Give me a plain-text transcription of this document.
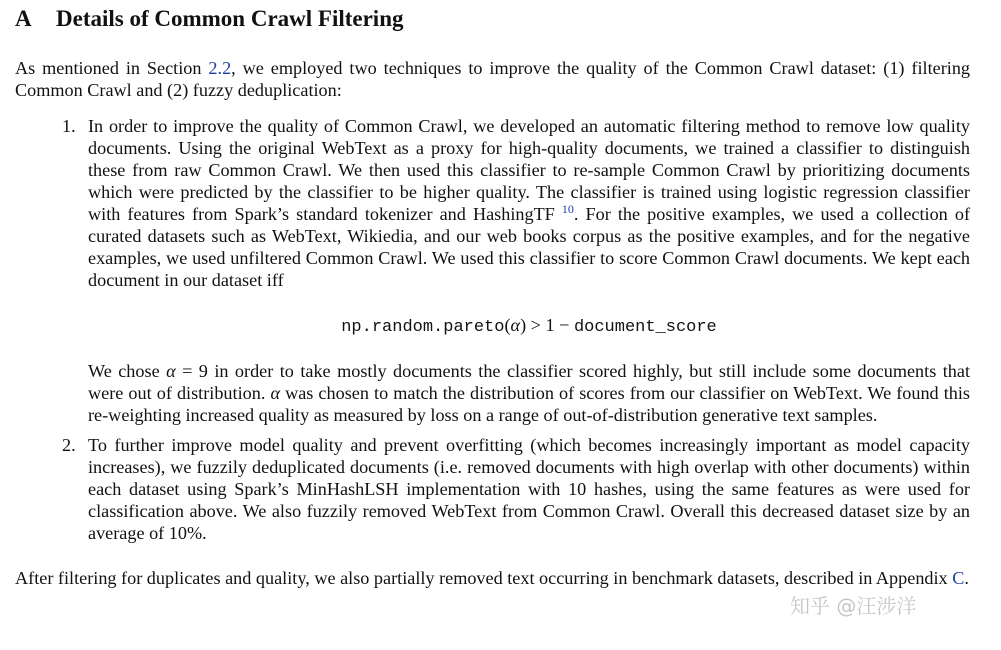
A Details of Common Crawl Filtering

As mentioned in Section 2.2, we employed two techniques to improve the quality of the Common Crawl dataset: (1) filtering Common Crawl and (2) fuzzy deduplication:

1. In order to improve the quality of Common Crawl, we developed an automatic filtering method to remove low quality documents. Using the original WebText as a proxy for high-quality documents, we trained a classifier to distinguish these from raw Common Crawl. We then used this classifier to re-sample Common Crawl by prioritizing documents which were predicted by the classifier to be higher quality. The classifier is trained using logistic regression classifier with features from Spark’s standard tokenizer and HashingTF $^{10}$. For the positive examples, we used a collection of curated datasets such as WebText, Wikiedia, and our web books corpus as the positive examples, and for the negative examples, we used unfiltered Common Crawl. We used this classifier to score Common Crawl documents. We kept each document in our dataset iff

np.random.pareto(α) > 1 − document_score

We chose α = 9 in order to take mostly documents the classifier scored highly, but still include some documents that were out of distribution. α was chosen to match the distribution of scores from our classifier on WebText. We found this re-weighting increased quality as measured by loss on a range of out-of-distribution generative text samples.

2. To further improve model quality and prevent overfitting (which becomes increasingly important as model capacity increases), we fuzzily deduplicated documents (i.e. removed documents with high overlap with other documents) within each dataset using Spark’s MinHashLSH implementation with 10 hashes, using the same features as were used for classification above. We also fuzzily removed WebText from Common Crawl. Overall this decreased dataset size by an average of 10%.

After filtering for duplicates and quality, we also partially removed text occurring in benchmark datasets, described in Appendix C.

知乎 @汪涉洋
